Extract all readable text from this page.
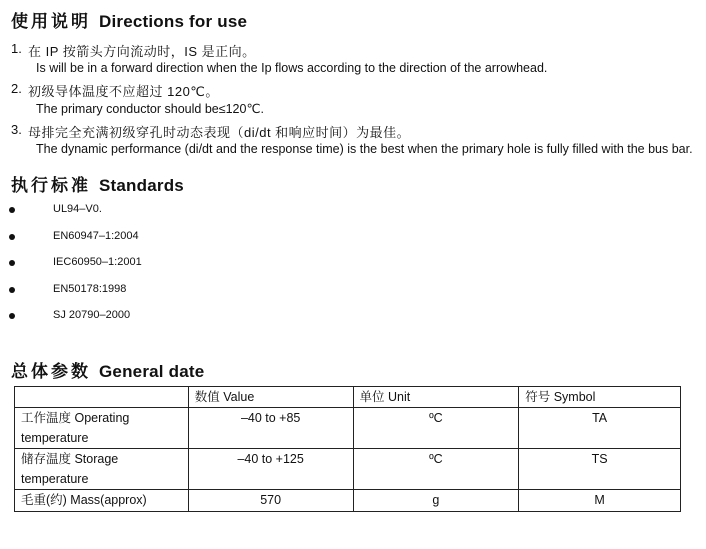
使用说明 Directions for use
1. 在 IP 按箭头方向流动时，IS 是正向。
Is will be in a forward direction when the Ip flows according to the direction of the arrowhead.
2. 初级导体温度不应超过 120℃。
The primary conductor should be≤120℃.
3. 母排完全充满初级穿孔时动态表现（di/dt 和响应时间）为最佳。
The dynamic performance (di/dt and the response time) is the best when the primary hole is fully filled with the bus bar.
执行标准 Standards
UL94–V0.
EN60947–1:2004
IEC60950–1:2001
EN50178:1998
SJ 20790–2000
总体参数 General date
	数值 Value	单位 Unit	符号 Symbol
工作温度 Operating temperature	–40 to +85	ºC	TA
储存温度 Storage temperature	–40 to +125	ºC	TS
毛重(约) Mass(approx)	570	g	M
